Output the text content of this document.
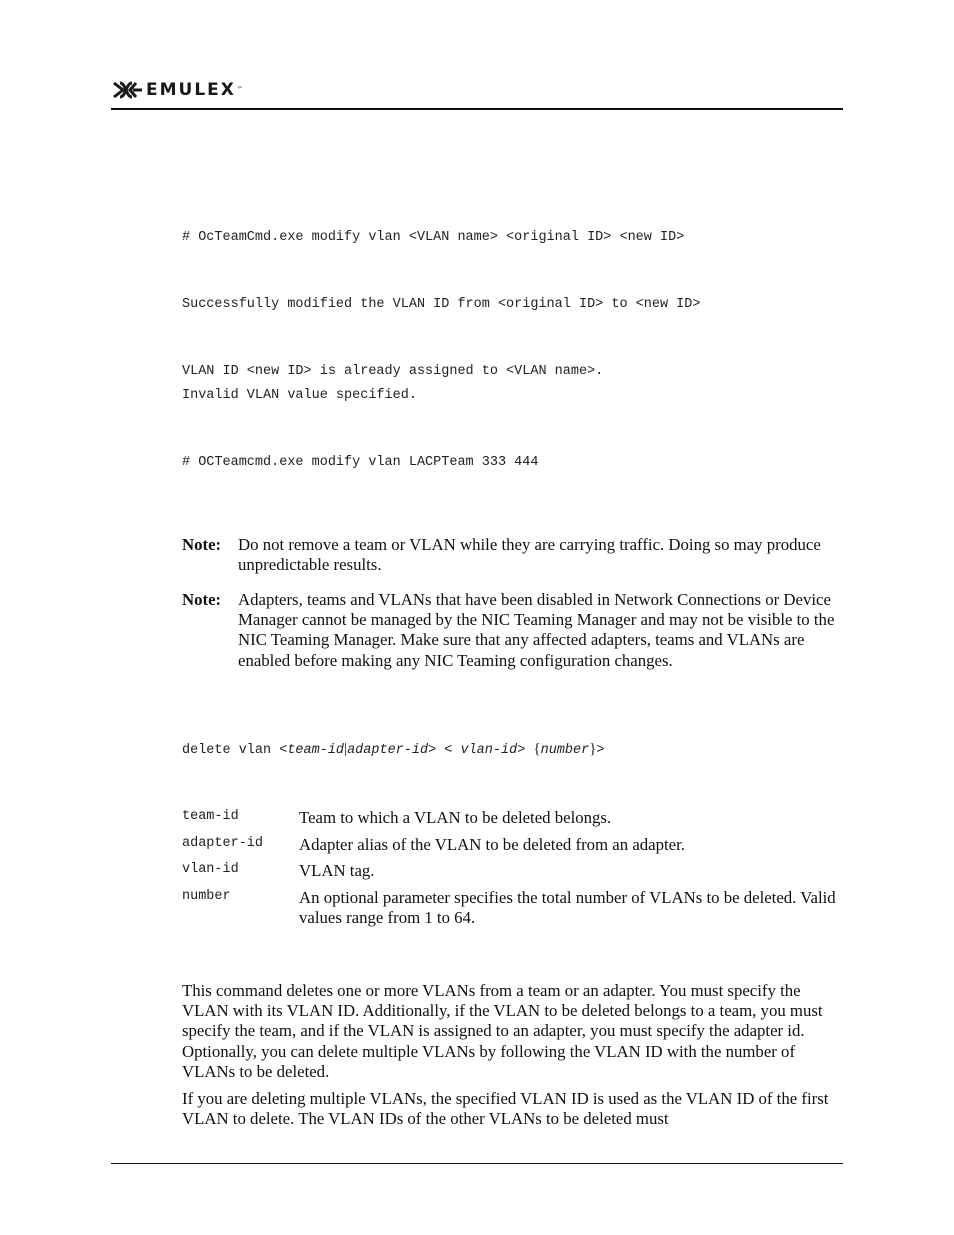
EMULEX ™
# OcTeamCmd.exe modify vlan <VLAN name> <original ID> <new ID>
Successfully modified the VLAN ID from <original ID> to <new ID>
VLAN ID <new ID> is already assigned to <VLAN name>.
Invalid VLAN value specified.
# OCTeamcmd.exe modify vlan LACPTeam 333 444
Note: Do not remove a team or VLAN while they are carrying traffic. Doing so may produce unpredictable results.
Note: Adapters, teams and VLANs that have been disabled in Network Connections or Device Manager cannot be managed by the NIC Teaming Manager and may not be visible to the NIC Teaming Manager. Make sure that any affected adapters, teams and VLANs are enabled before making any NIC Teaming configuration changes.
delete vlan <team-id|adapter-id> < vlan-id> {number}>
team-id	Team to which a VLAN to be deleted belongs.
adapter-id Adapter alias of the VLAN to be deleted from an adapter.
vlan-id	VLAN tag.
number	An optional parameter specifies the total number of VLANs to be deleted. Valid values range from 1 to 64.
This command deletes one or more VLANs from a team or an adapter. You must specify the VLAN with its VLAN ID. Additionally, if the VLAN to be deleted belongs to a team, you must specify the team, and if the VLAN is assigned to an adapter, you must specify the adapter id. Optionally, you can delete multiple VLANs by following the VLAN ID with the number of VLANs to be deleted.
If you are deleting multiple VLANs, the specified VLAN ID is used as the VLAN ID of the first VLAN to delete. The VLAN IDs of the other VLANs to be deleted must
